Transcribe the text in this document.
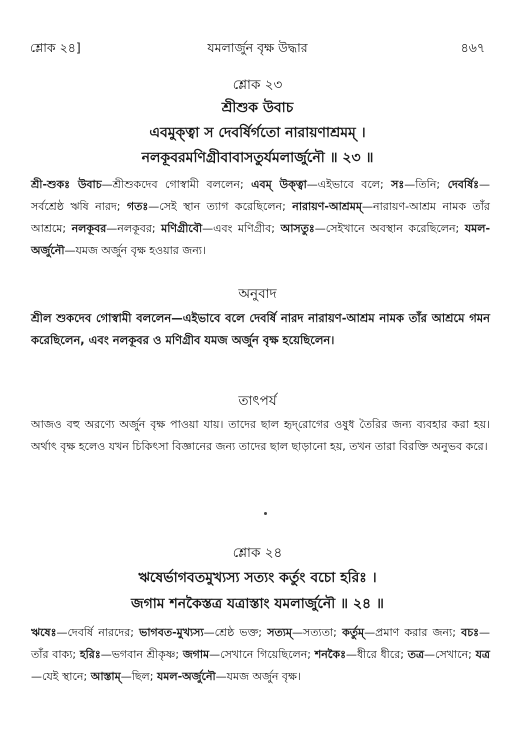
শ্লোক ২৪]	যমলার্জুন বৃক্ষ উদ্ধার	৪৬৭
শ্লোক ২৩
শ্রীশুক উবাচ
এবমুক্ত্বা স দেবর্ষির্গতো নারায়ণাশ্রমম্ ।
নলকূবরমণিগ্রীবাবাসতুর্যমলার্জুনৌ ॥ ২৩ ॥
শ্রী-শুকঃ উবাচ—শ্রীশুকদেব গোস্বামী বললেন; এবম্ উক্ত্বা—এইভাবে বলে; সঃ—তিনি; দেবর্ষিঃ—সর্বশ্রেষ্ঠ ঋষি নারদ; গতঃ—সেই স্থান ত্যাগ করেছিলেন; নারায়ণ-আশ্রমম্—নারায়ণ-আশ্রম নামক তাঁর আশ্রমে; নলকূবর—নলকূবর; মণিগ্রীবৌ—এবং মণিগ্রীব; আসতুঃ—সেইখানে অবস্থান করেছিলেন; যমল-অর্জুনৌ—যমজ অর্জুন বৃক্ষ হওয়ার জন্য।
অনুবাদ
শ্রীল শুকদেব গোস্বামী বললেন—এইভাবে বলে দেবর্ষি নারদ নারায়ণ-আশ্রম নামক তাঁর আশ্রমে গমন করেছিলেন, এবং নলকূবর ও মণিগ্রীব যমজ অর্জুন বৃক্ষ হয়েছিলেন।
তাৎপর্য
আজও বহু অরণ্যে অর্জুন বৃক্ষ পাওয়া যায়। তাদের ছাল হৃদ্‌রোগের ওষুধ তৈরির জন্য ব্যবহার করা হয়। অর্থাৎ বৃক্ষ হলেও যখন চিকিৎসা বিজ্ঞানের জন্য তাদের ছাল ছাড়ানো হয়, তখন তারা বিরক্তি অনুভব করে।
শ্লোক ২৪
ঋষের্ভাগবতমুখ্যস্য সত্যং কর্তুং বচো হরিঃ ।
জগাম শনকৈস্তত্র যত্রাস্তাং যমলার্জুনৌ ॥ ২৪ ॥
ঋষেঃ—দেবর্ষি নারদের; ভাগবত-মুখ্যস্য—শ্রেষ্ঠ ভক্ত; সত্যম্—সত্যতা; কর্তুম্—প্রমাণ করার জন্য; বচঃ—তাঁর বাক্য; হরিঃ—ভগবান শ্রীকৃষ্ণ; জগাম—সেখানে গিয়েছিলেন; শনকৈঃ—ধীরে ধীরে; তত্র—সেখানে; যত্র—যেই স্থানে; আস্তাম্—ছিল; যমল-অর্জুনৌ—যমজ অর্জুন বৃক্ষ।
